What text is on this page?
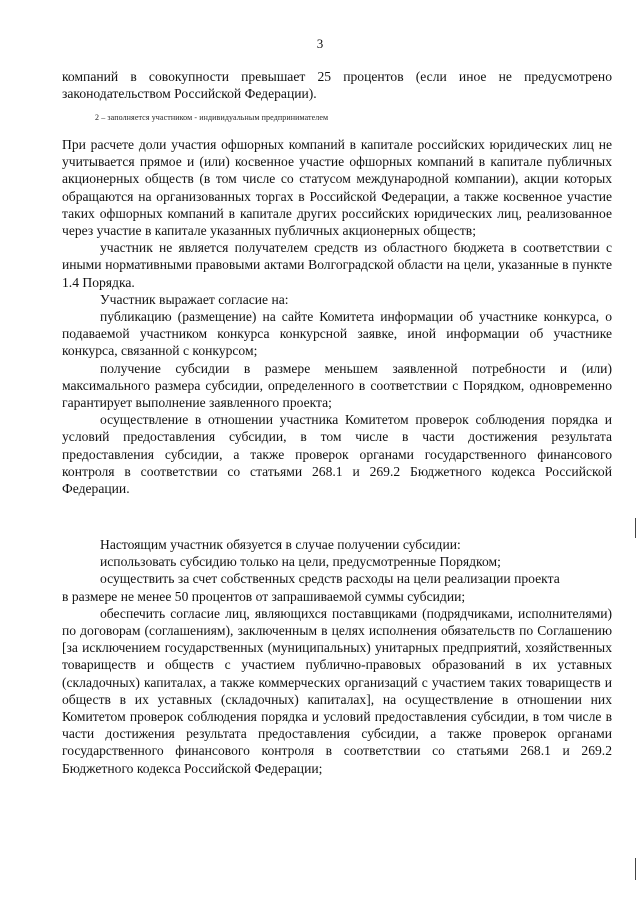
3

компаний в совокупности превышает 25 процентов (если иное не предусмотрено законодательством Российской Федерации).

2 – заполняется участником - индивидуальным предпринимателем

При расчете доли участия офшорных компаний в капитале российских юридических лиц не учитывается прямое и (или) косвенное участие офшорных компаний в капитале публичных акционерных обществ (в том числе со статусом международной компании), акции которых обращаются на организованных торгах в Российской Федерации, а также косвенное участие таких офшорных компаний в капитале других российских юридических лиц, реализованное через участие в капитале указанных публичных акционерных обществ;

участник не является получателем средств из областного бюджета в соответствии с иными нормативными правовыми актами Волгоградской области на цели, указанные в пункте 1.4 Порядка.

Участник выражает согласие на:

публикацию (размещение) на сайте Комитета информации об участнике конкурса, о подаваемой участником конкурса конкурсной заявке, иной информации об участнике конкурса, связанной с конкурсом;

получение субсидии в размере меньшем заявленной потребности и (или) максимального размера субсидии, определенного в соответствии с Порядком, одновременно гарантирует выполнение заявленного проекта;

осуществление в отношении участника Комитетом проверок соблюдения порядка и условий предоставления субсидии, в том числе в части достижения результата предоставления субсидии, а также проверок органами государственного финансового контроля в соответствии со статьями 268.1 и 269.2 Бюджетного кодекса Российской Федерации.

Настоящим участник обязуется в случае получении субсидии:

использовать субсидию только на цели, предусмотренные Порядком;

осуществить за счет собственных средств расходы на цели реализации проекта

в размере не менее 50 процентов от запрашиваемой суммы субсидии;

обеспечить согласие лиц, являющихся поставщиками (подрядчиками, исполнителями) по договорам (соглашениям), заключенным в целях исполнения обязательств по Соглашению [за исключением государственных (муниципальных) унитарных предприятий, хозяйственных товариществ и обществ с участием публично-правовых образований в их уставных (складочных) капиталах, а также коммерческих организаций с участием таких товариществ и обществ в их уставных (складочных) капиталах], на осуществление в отношении них Комитетом проверок соблюдения порядка и условий предоставления субсидии, в том числе в части достижения результата предоставления субсидии, а также проверок органами государственного финансового контроля в соответствии со статьями 268.1 и 269.2 Бюджетного кодекса Российской Федерации;
